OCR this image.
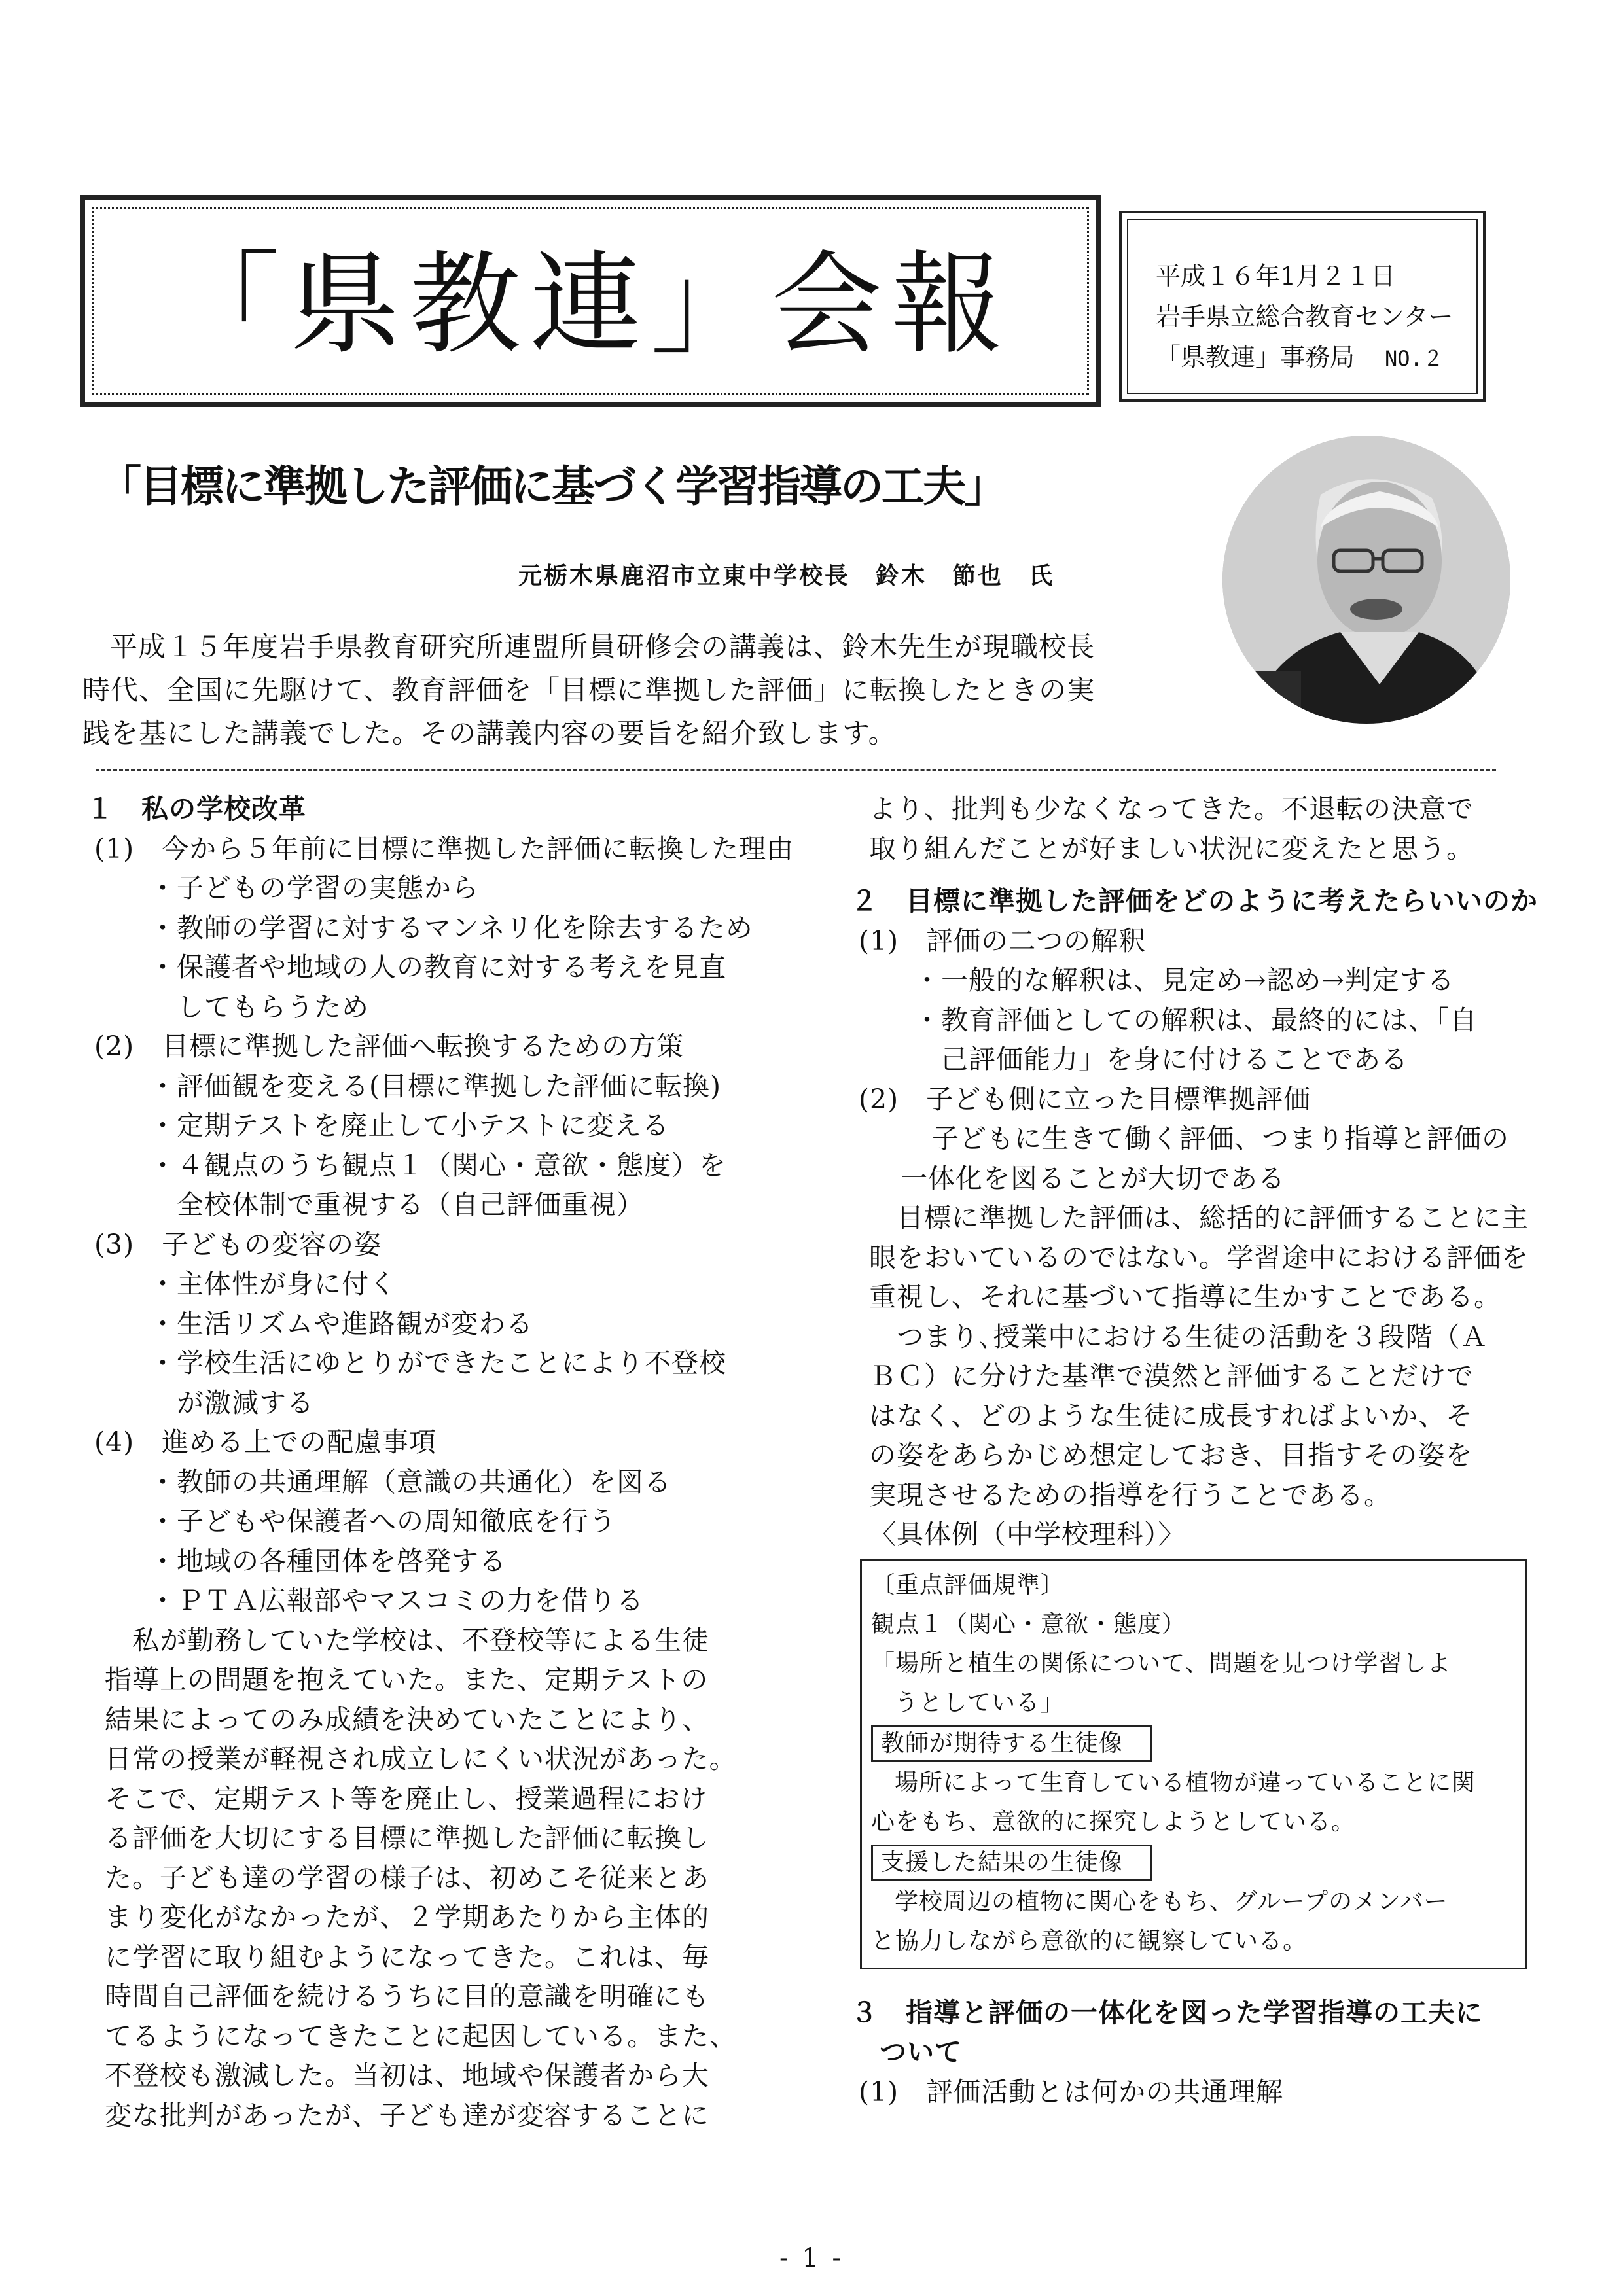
「県教連」会報	平成１６年1月２１日
岩手県立総合教育センター
「県教連」事務局 NO.２
「目標に準拠した評価に基づく学習指導の工夫」
元栃木県鹿沼市立東中学校長　鈴木　節也　氏

平成１５年度岩手県教育研究所連盟所員研修会の講義は、鈴木先生が現職校長

時代、全国に先駆けて、教育評価を「目標に準拠した評価」に転換したときの実

践を基にした講義でした。その講義内容の要旨を紹介致します。

１　私の学校改革

(1)　今から５年前に目標に準拠した評価に転換した理由

・子どもの学習の実態から

・教師の学習に対するマンネリ化を除去するため

・保護者や地域の人の教育に対する考えを見直

してもらうため

(2)　目標に準拠した評価へ転換するための方策

・評価観を変える(目標に準拠した評価に転換)

・定期テストを廃止して小テストに変える

・４観点のうち観点１（関心・意欲・態度）を

全校体制で重視する（自己評価重視）

(3)　子どもの変容の姿

・主体性が身に付く

・生活リズムや進路観が変わる

・学校生活にゆとりができたことにより不登校

が激減する

(4)　進める上での配慮事項

・教師の共通理解（意識の共通化）を図る

・子どもや保護者への周知徹底を行う

・地域の各種団体を啓発する

・ＰＴＡ広報部やマスコミの力を借りる

私が勤務していた学校は、不登校等による生徒

指導上の問題を抱えていた。また、定期テストの

結果によってのみ成績を決めていたことにより、

日常の授業が軽視され成立しにくい状況があった。

そこで、定期テスト等を廃止し、授業過程におけ

る評価を大切にする目標に準拠した評価に転換し

た。子ども達の学習の様子は、初めこそ従来とあ

まり変化がなかったが、２学期あたりから主体的

に学習に取り組むようになってきた。これは、毎

時間自己評価を続けるうちに目的意識を明確にも

てるようになってきたことに起因している。また、

不登校も激減した。当初は、地域や保護者から大

変な批判があったが、子ども達が変容することに

より、批判も少なくなってきた。不退転の決意で

取り組んだことが好ましい状況に変えたと思う。

２　目標に準拠した評価をどのように考えたらいいのか

(1)　評価の二つの解釈

・一般的な解釈は、見定め→認め→判定する

・教育評価としての解釈は、最終的には、「自

己評価能力」を身に付けることである

(2)　子ども側に立った目標準拠評価

子どもに生きて働く評価、つまり指導と評価の

一体化を図ることが大切である

目標に準拠した評価は、総括的に評価することに主

眼をおいているのではない。学習途中における評価を

重視し、それに基づいて指導に生かすことである。

つまり､授業中における生徒の活動を３段階（Ａ

ＢＣ）に分けた基準で漠然と評価することだけで

はなく、どのような生徒に成長すればよいか、そ

の姿をあらかじめ想定しておき、目指すその姿を

実現させるための指導を行うことである。

〈具体例（中学校理科）〉

〔重点評価規準〕

観点１（関心・意欲・態度）

「場所と植生の関係について、問題を見つけ学習しよ

うとしている」

教師が期待する生徒像

場所によって生育している植物が違っていることに関

心をもち、意欲的に探究しようとしている。

支援した結果の生徒像

学校周辺の植物に関心をもち、グループのメンバー

と協力しながら意欲的に観察している。

３　指導と評価の一体化を図った学習指導の工夫に

ついて

(1)　評価活動とは何かの共通理解

- 1 -
